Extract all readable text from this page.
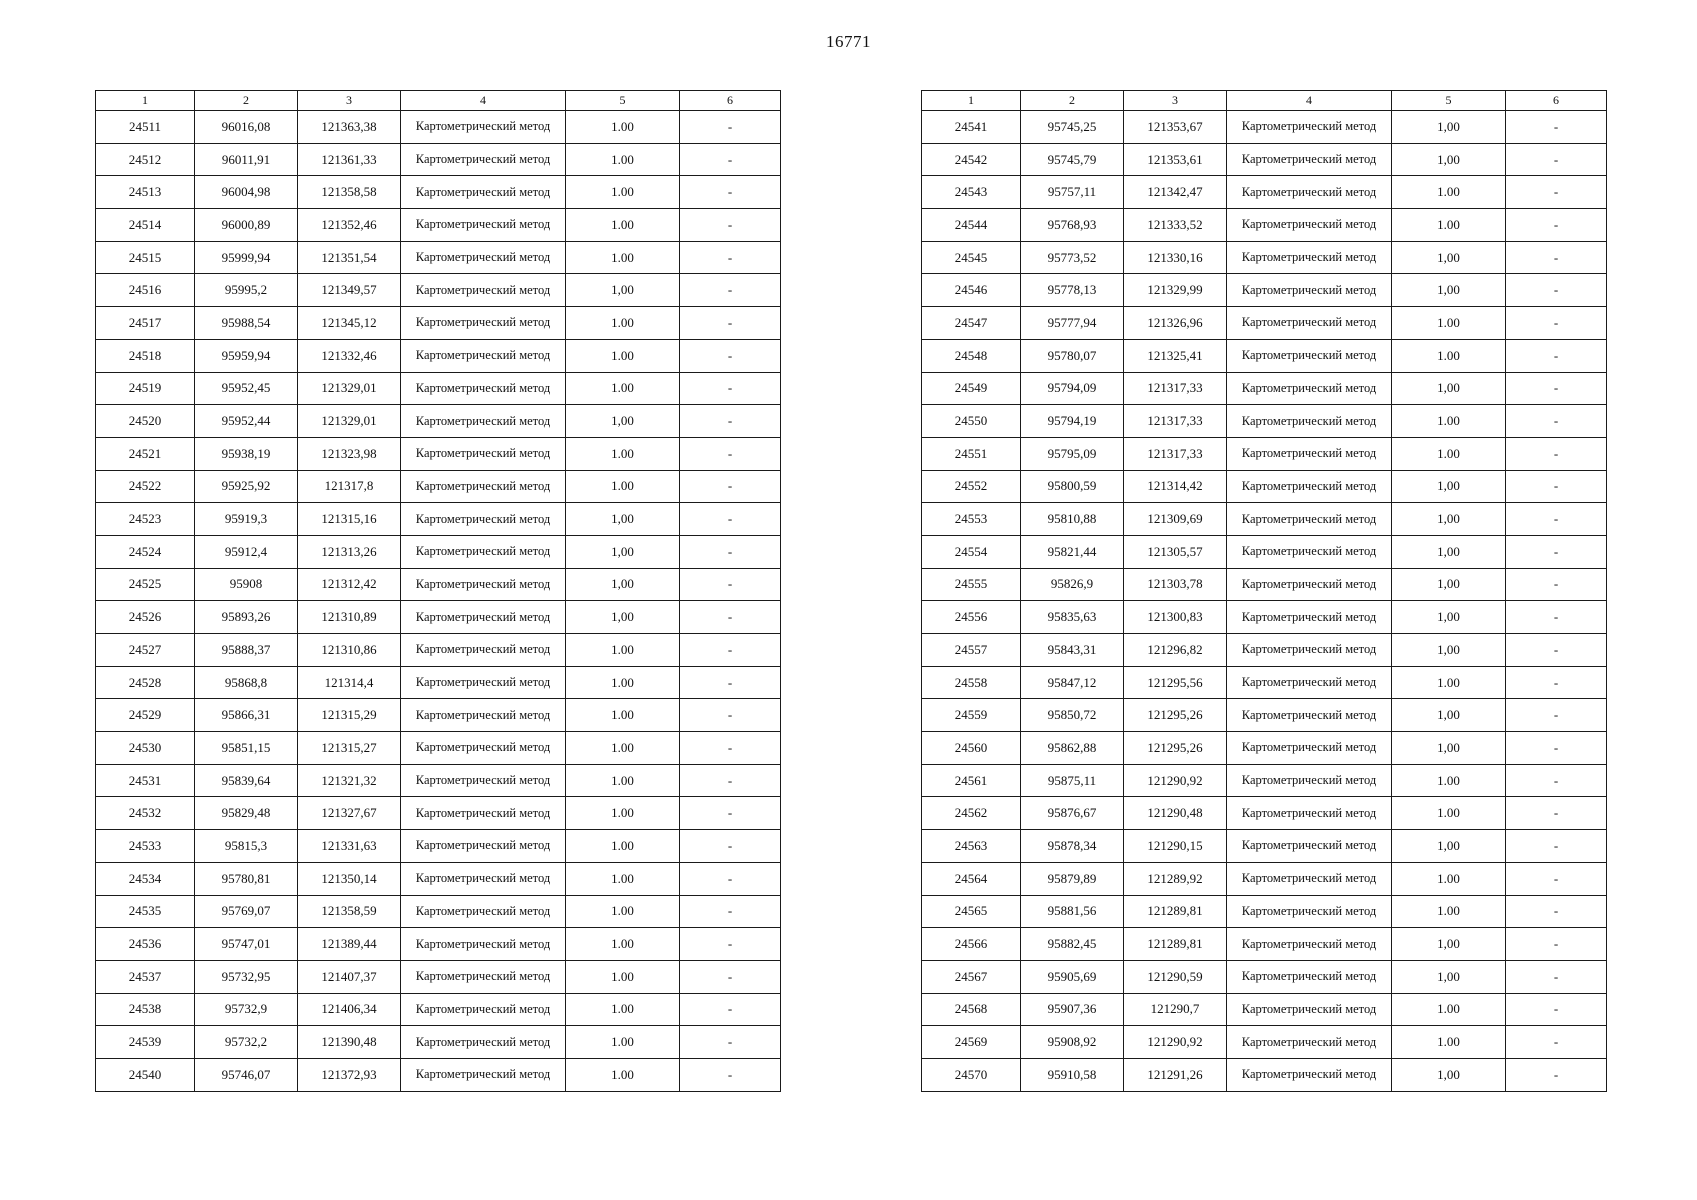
16771
1	2	3	4	5	6
24511	96016,08	121363,38	Картометрический метод	1.00	-
24512	96011,91	121361,33	Картометрический метод	1.00	-
24513	96004,98	121358,58	Картометрический метод	1.00	-
24514	96000,89	121352,46	Картометрический метод	1.00	-
24515	95999,94	121351,54	Картометрический метод	1.00	-
24516	95995,2	121349,57	Картометрический метод	1,00	-
24517	95988,54	121345,12	Картометрический метод	1.00	-
24518	95959,94	121332,46	Картометрический метод	1.00	-
24519	95952,45	121329,01	Картометрический метод	1.00	-
24520	95952,44	121329,01	Картометрический метод	1,00	-
24521	95938,19	121323,98	Картометрический метод	1.00	-
24522	95925,92	121317,8	Картометрический метод	1.00	-
24523	95919,3	121315,16	Картометрический метод	1,00	-
24524	95912,4	121313,26	Картометрический метод	1,00	-
24525	95908	121312,42	Картометрический метод	1,00	-
24526	95893,26	121310,89	Картометрический метод	1,00	-
24527	95888,37	121310,86	Картометрический метод	1.00	-
24528	95868,8	121314,4	Картометрический метод	1.00	-
24529	95866,31	121315,29	Картометрический метод	1.00	-
24530	95851,15	121315,27	Картометрический метод	1.00	-
24531	95839,64	121321,32	Картометрический метод	1.00	-
24532	95829,48	121327,67	Картометрический метод	1.00	-
24533	95815,3	121331,63	Картометрический метод	1.00	-
24534	95780,81	121350,14	Картометрический метод	1.00	-
24535	95769,07	121358,59	Картометрический метод	1.00	-
24536	95747,01	121389,44	Картометрический метод	1.00	-
24537	95732,95	121407,37	Картометрический метод	1.00	-
24538	95732,9	121406,34	Картометрический метод	1.00	-
24539	95732,2	121390,48	Картометрический метод	1.00	-
24540	95746,07	121372,93	Картометрический метод	1.00	-
1	2	3	4	5	6
24541	95745,25	121353,67	Картометрический метод	1,00	-
24542	95745,79	121353,61	Картометрический метод	1,00	-
24543	95757,11	121342,47	Картометрический метод	1.00	-
24544	95768,93	121333,52	Картометрический метод	1.00	-
24545	95773,52	121330,16	Картометрический метод	1,00	-
24546	95778,13	121329,99	Картометрический метод	1,00	-
24547	95777,94	121326,96	Картометрический метод	1.00	-
24548	95780,07	121325,41	Картометрический метод	1.00	-
24549	95794,09	121317,33	Картометрический метод	1,00	-
24550	95794,19	121317,33	Картометрический метод	1.00	-
24551	95795,09	121317,33	Картометрический метод	1.00	-
24552	95800,59	121314,42	Картометрический метод	1,00	-
24553	95810,88	121309,69	Картометрический метод	1,00	-
24554	95821,44	121305,57	Картометрический метод	1,00	-
24555	95826,9	121303,78	Картометрический метод	1,00	-
24556	95835,63	121300,83	Картометрический метод	1,00	-
24557	95843,31	121296,82	Картометрический метод	1,00	-
24558	95847,12	121295,56	Картометрический метод	1.00	-
24559	95850,72	121295,26	Картометрический метод	1,00	-
24560	95862,88	121295,26	Картометрический метод	1,00	-
24561	95875,11	121290,92	Картометрический метод	1.00	-
24562	95876,67	121290,48	Картометрический метод	1.00	-
24563	95878,34	121290,15	Картометрический метод	1,00	-
24564	95879,89	121289,92	Картометрический метод	1.00	-
24565	95881,56	121289,81	Картометрический метод	1.00	-
24566	95882,45	121289,81	Картометрический метод	1,00	-
24567	95905,69	121290,59	Картометрический метод	1,00	-
24568	95907,36	121290,7	Картометрический метод	1.00	-
24569	95908,92	121290,92	Картометрический метод	1.00	-
24570	95910,58	121291,26	Картометрический метод	1,00	-
